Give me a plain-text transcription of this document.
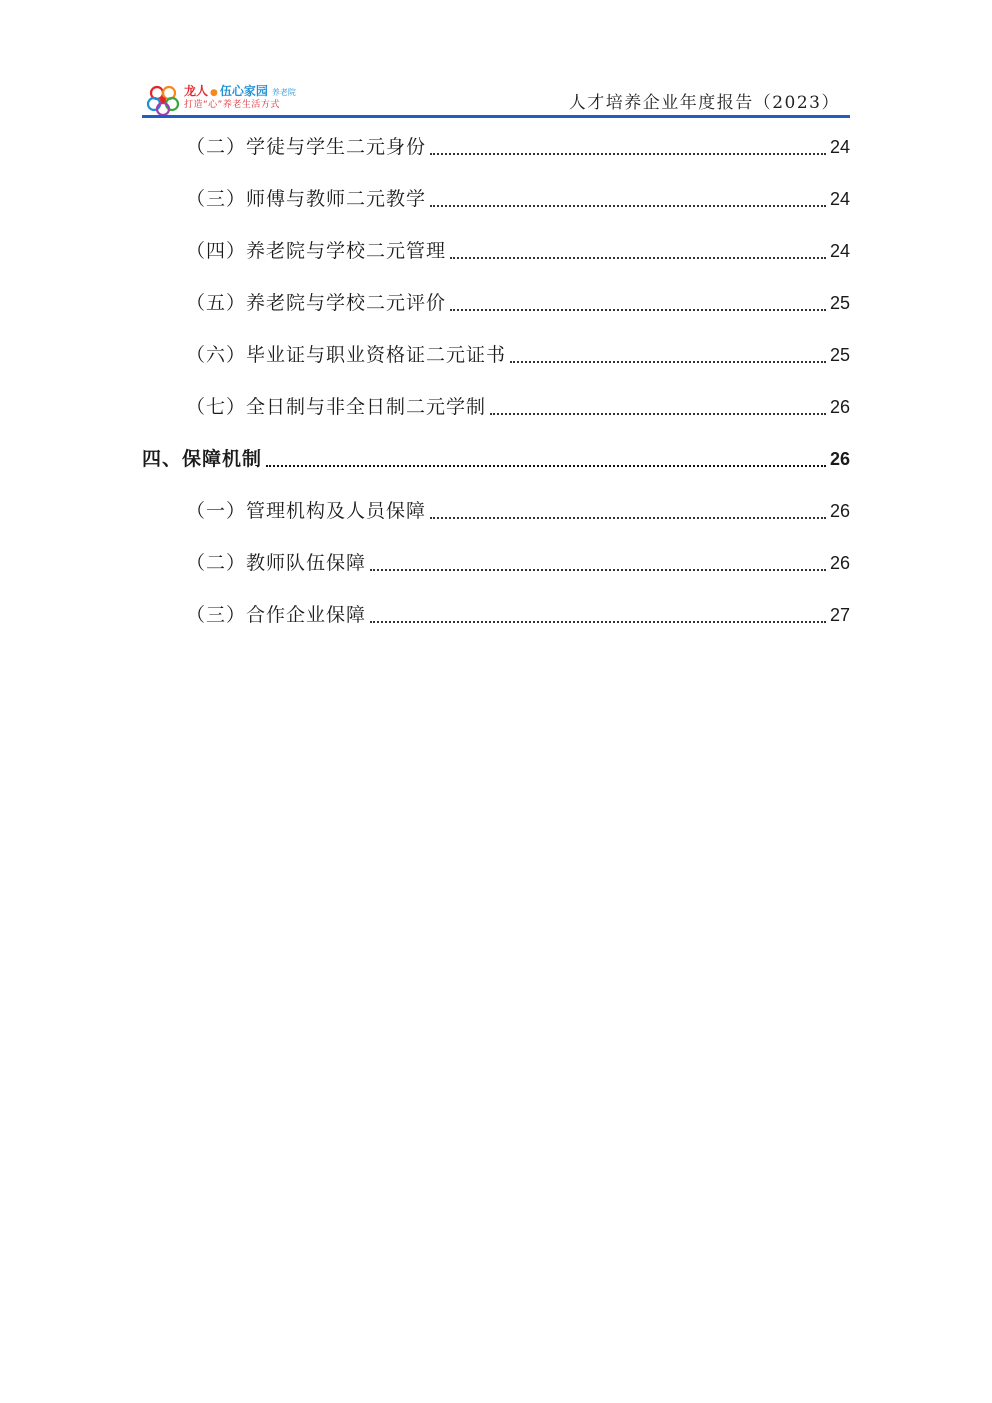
龙人 ● 伍心家园 养老院
打造“心”养老生活方式	人才培养企业年度报告（2023）
（二）学徒与学生二元身份	24
（三）师傅与教师二元教学	24
（四）养老院与学校二元管理	24
（五）养老院与学校二元评价	25
（六）毕业证与职业资格证二元证书	25
（七）全日制与非全日制二元学制	26
四、保障机制	26
（一）管理机构及人员保障	26
（二）教师队伍保障	26
（三）合作企业保障	27
